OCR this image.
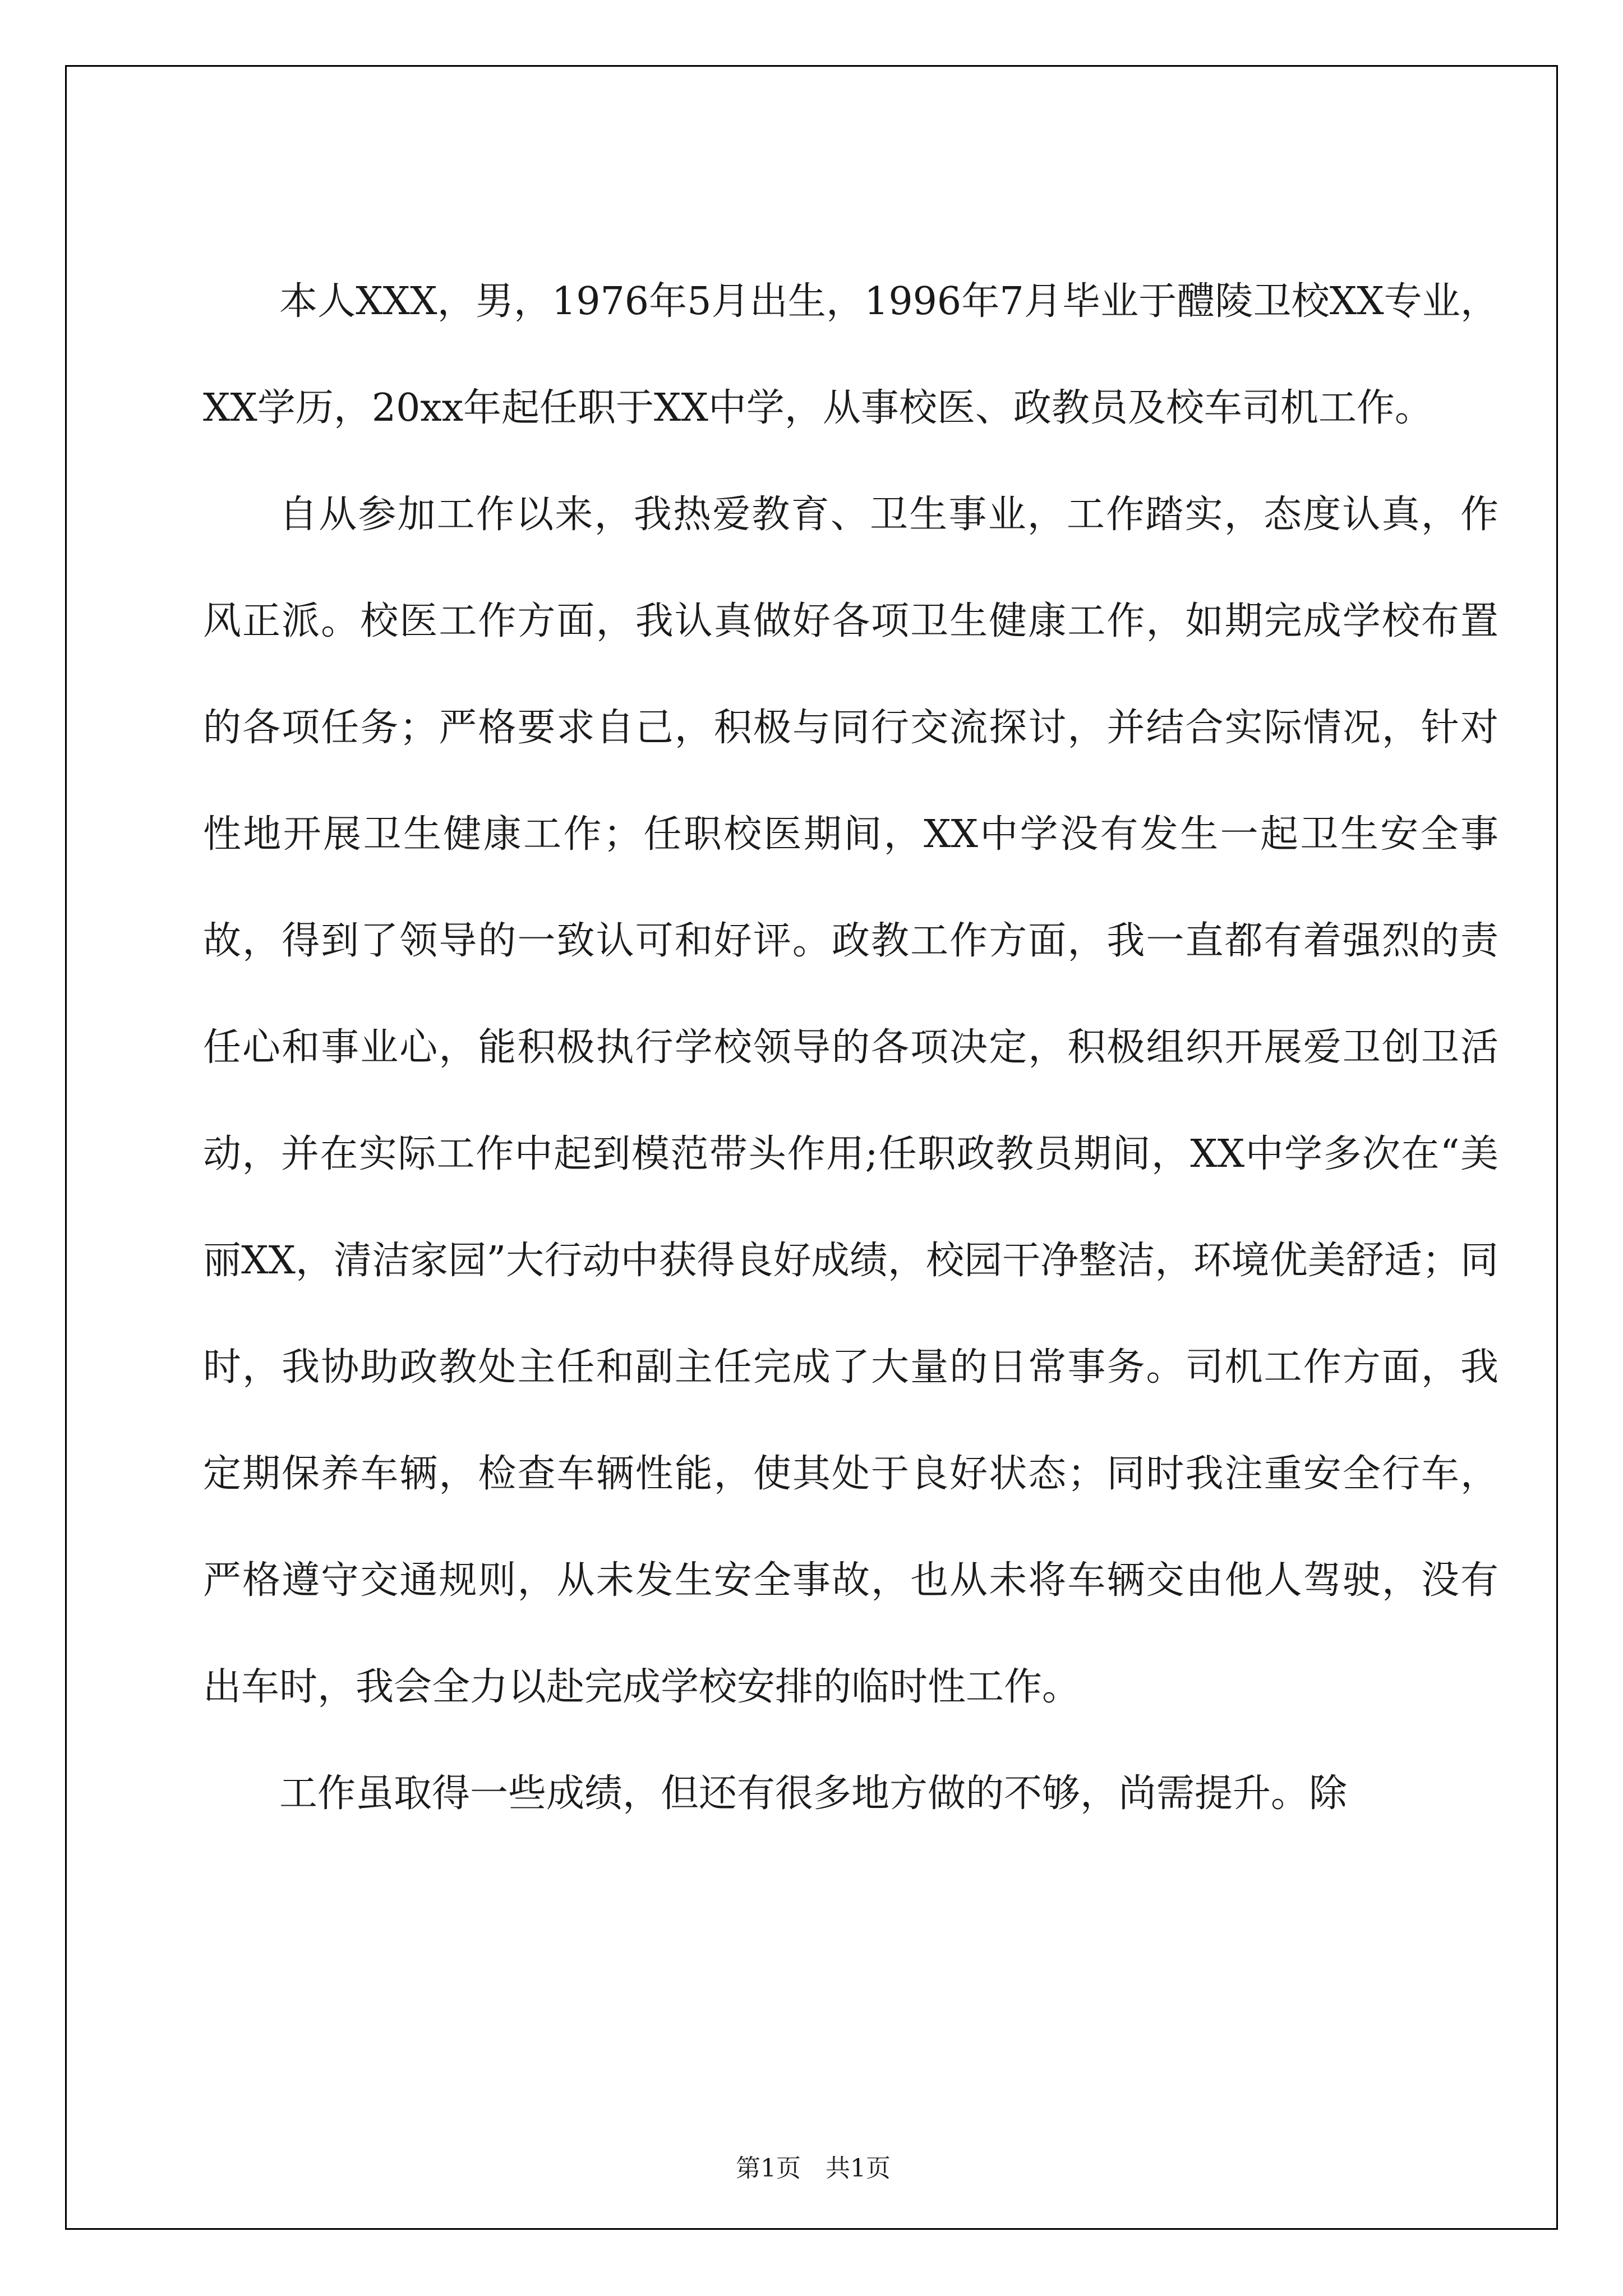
本人XXX，男，1976年5月出生，1996年7月毕业于醴陵卫校XX专业，XX学历，20xx年起任职于XX中学，从事校医、政教员及校车司机工作。

自从参加工作以来，我热爱教育、卫生事业，工作踏实，态度认真，作风正派。校医工作方面，我认真做好各项卫生健康工作，如期完成学校布置的各项任务；严格要求自己，积极与同行交流探讨，并结合实际情况，针对性地开展卫生健康工作；任职校医期间，XX中学没有发生一起卫生安全事故，得到了领导的一致认可和好评。政教工作方面，我一直都有着强烈的责任心和事业心，能积极执行学校领导的各项决定，积极组织开展爱卫创卫活动，并在实际工作中起到模范带头作用;任职政教员期间，XX中学多次在“美丽XX，清洁家园”大行动中获得良好成绩，校园干净整洁，环境优美舒适；同时，我协助政教处主任和副主任完成了大量的日常事务。司机工作方面，我定期保养车辆，检查车辆性能，使其处于良好状态；同时我注重安全行车，严格遵守交通规则，从未发生安全事故，也从未将车辆交由他人驾驶，没有出车时，我会全力以赴完成学校安排的临时性工作。

工作虽取得一些成绩，但还有很多地方做的不够，尚需提升。除

第1页　共1页
